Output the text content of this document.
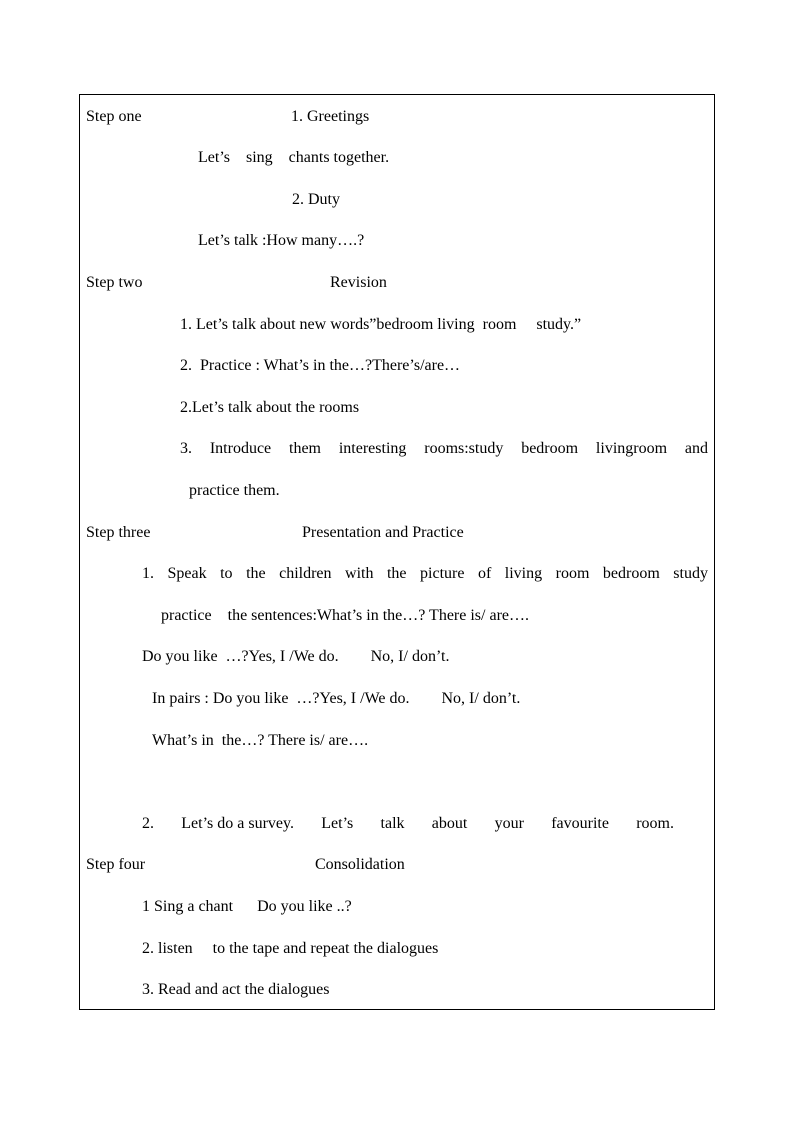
Step one	1. Greetings
Let’s    sing    chants together.
2. Duty
Let’s talk :How many….?
Step two	Revision
1. Let’s talk about new words”bedroom living  room     study.”
2.  Practice : What’s in the…?There’s/are…
2.Let’s talk about the rooms
3. Introduce them interesting rooms:study bedroom livingroom and
practice them.
Step three	Presentation and Practice
1. Speak to the children with the picture of living room bedroom study
practice    the sentences:What’s in the…? There is/ are….
Do you like  …?Yes, I /We do.        No, I/ don’t.
In pairs : Do you like  …?Yes, I /We do.        No, I/ don’t.
What’s in  the…? There is/ are….
2. Let’s do a survey. Let’s talk about your favourite room.
Step four	Consolidation
1 Sing a chant      Do you like ..?
2. listen     to the tape and repeat the dialogues
3. Read and act the dialogues
